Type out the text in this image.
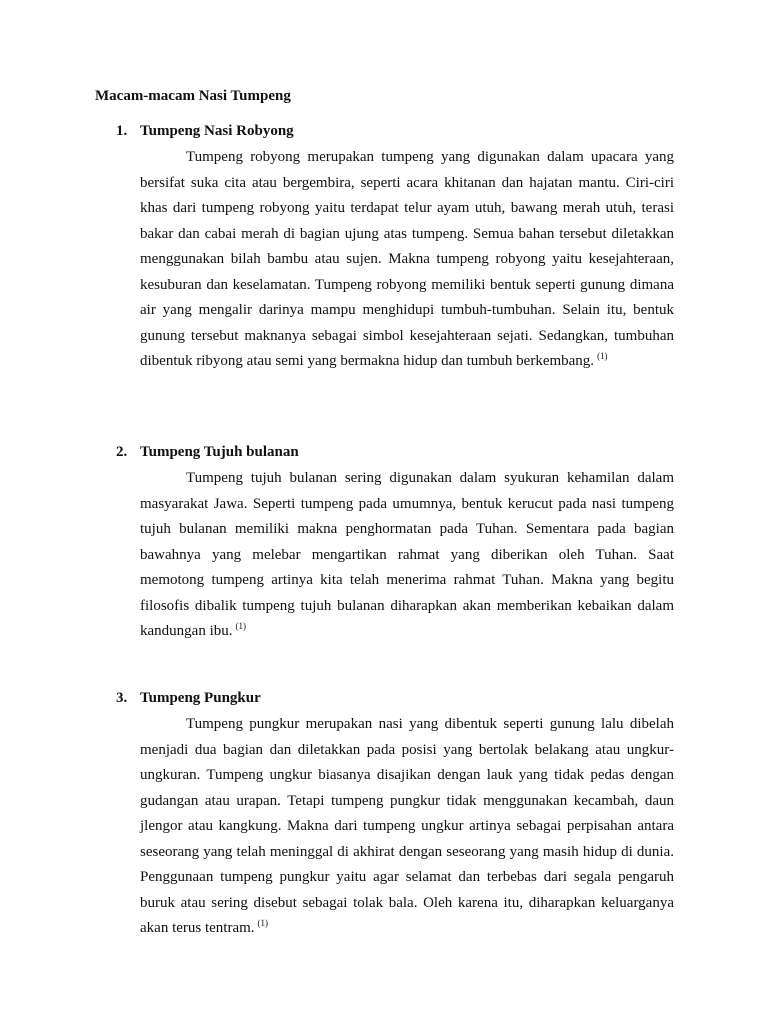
Macam-macam Nasi Tumpeng
1. Tumpeng Nasi Robyong

Tumpeng robyong merupakan tumpeng yang digunakan dalam upacara yang bersifat suka cita atau bergembira, seperti acara khitanan dan hajatan mantu. Ciri-ciri khas dari tumpeng robyong yaitu terdapat telur ayam utuh, bawang merah utuh, terasi bakar dan cabai merah di bagian ujung atas tumpeng. Semua bahan tersebut diletakkan menggunakan bilah bambu atau sujen. Makna tumpeng robyong yaitu kesejahteraan, kesuburan dan keselamatan. Tumpeng robyong memiliki bentuk seperti gunung dimana air yang mengalir darinya mampu menghidupi tumbuh-tumbuhan. Selain itu, bentuk gunung tersebut maknanya sebagai simbol kesejahteraan sejati. Sedangkan, tumbuhan dibentuk ribyong atau semi yang bermakna hidup dan tumbuh berkembang. $^{(1)}$

2. Tumpeng Tujuh bulanan

Tumpeng tujuh bulanan sering digunakan dalam syukuran kehamilan dalam masyarakat Jawa. Seperti tumpeng pada umumnya, bentuk kerucut pada nasi tumpeng tujuh bulanan memiliki makna penghormatan pada Tuhan. Sementara pada bagian bawahnya yang melebar mengartikan rahmat yang diberikan oleh Tuhan. Saat memotong tumpeng artinya kita telah menerima rahmat Tuhan. Makna yang begitu filosofis dibalik tumpeng tujuh bulanan diharapkan akan memberikan kebaikan dalam kandungan ibu. $^{(1)}$

3. Tumpeng Pungkur

Tumpeng pungkur merupakan nasi yang dibentuk seperti gunung lalu dibelah menjadi dua bagian dan diletakkan pada posisi yang bertolak belakang atau ungkur-ungkuran. Tumpeng ungkur biasanya disajikan dengan lauk yang tidak pedas dengan gudangan atau urapan. Tetapi tumpeng pungkur tidak menggunakan kecambah, daun jlengor atau kangkung. Makna dari tumpeng ungkur artinya sebagai perpisahan antara seseorang yang telah meninggal di akhirat dengan seseorang yang masih hidup di dunia. Penggunaan tumpeng pungkur yaitu agar selamat dan terbebas dari segala pengaruh buruk atau sering disebut sebagai tolak bala. Oleh karena itu, diharapkan keluarganya akan terus tentram. $^{(1)}$
